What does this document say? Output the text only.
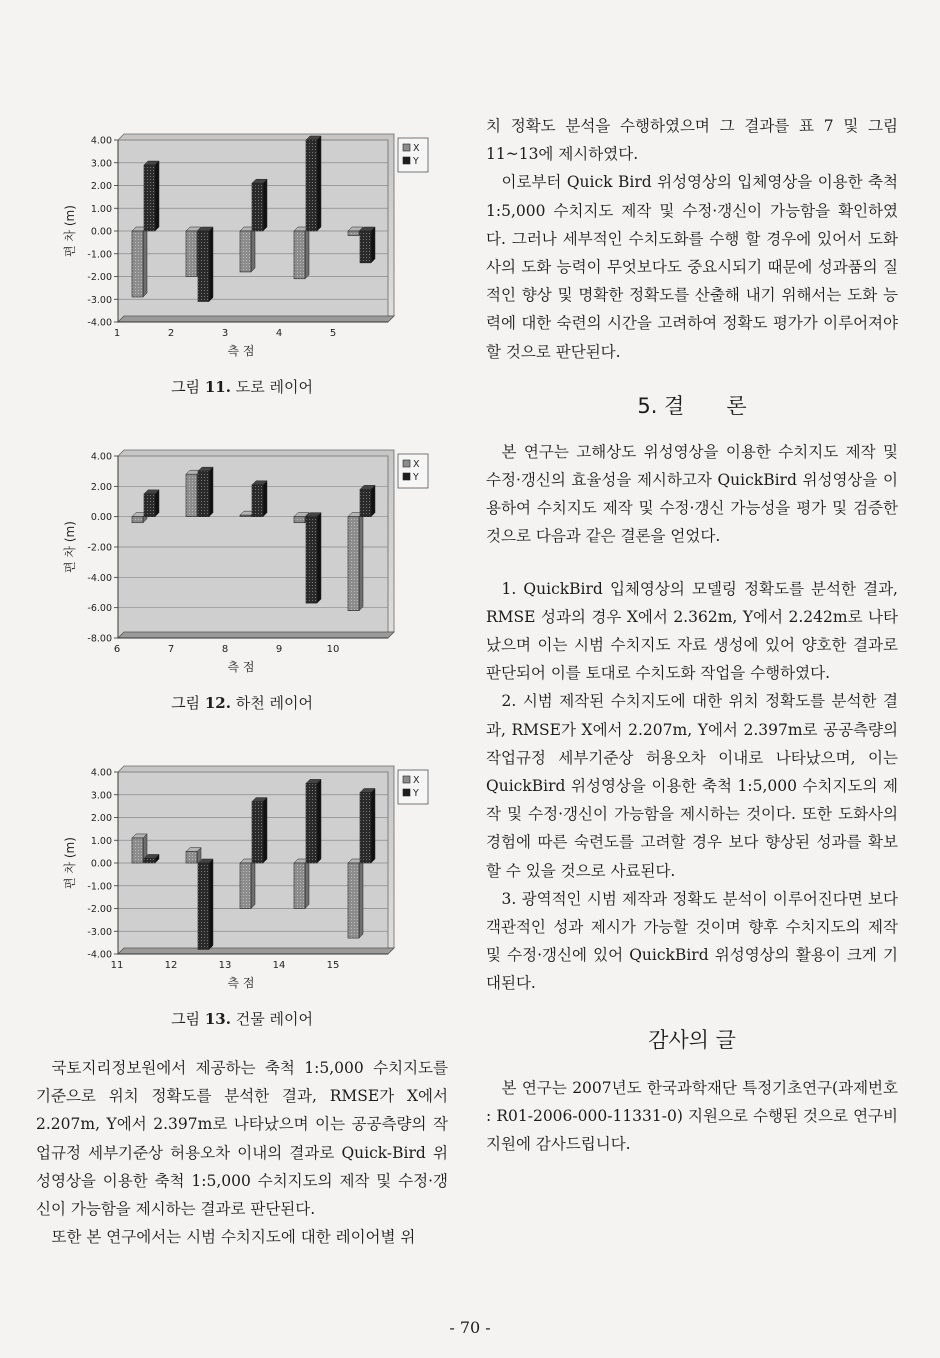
4.00
3.00
2.00
1.00
0.00
-1.00
-2.00
-3.00
-4.00
1	2	3	4	5
측 점
편 차 (m)
X
Y

그림 11. 도로 레이어

4.00
2.00
0.00
-2.00
-4.00
-6.00
-8.00
6	7	8	9	10
측 점
편 차 (m)
X
Y

그림 12. 하천 레이어

4.00
3.00
2.00
1.00
0.00
-1.00
-2.00
-3.00
-4.00
11	12	13	14	15
측 점
편 차 (m)
X
Y

그림 13. 건물 레이어

국토지리정보원에서 제공하는 축척 1:5,000 수치지도를 기준으로 위치 정확도를 분석한 결과, RMSE가 X에서 2.207m, Y에서 2.397m로 나타났으며 이는 공공측량의 작업규정 세부기준상 허용오차 이내의 결과로 Quick-Bird 위성영상을 이용한 축척 1:5,000 수치지도의 제작 및 수정·갱신이 가능함을 제시하는 결과로 판단된다.

또한 본 연구에서는 시범 수치지도에 대한 레이어별 위

치 정확도 분석을 수행하였으며 그 결과를 표 7 및 그림 11~13에 제시하였다.

이로부터 Quick Bird 위성영상의 입체영상을 이용한 축척 1:5,000 수치지도 제작 및 수정·갱신이 가능함을 확인하였다. 그러나 세부적인 수치도화를 수행 할 경우에 있어서 도화사의 도화 능력이 무엇보다도 중요시되기 때문에 성과품의 질적인 향상 및 명확한 정확도를 산출해 내기 위해서는 도화 능력에 대한 숙련의 시간을 고려하여 정확도 평가가 이루어져야 할 것으로 판단된다.

5. 결　　론

본 연구는 고해상도 위성영상을 이용한 수치지도 제작 및 수정·갱신의 효율성을 제시하고자 QuickBird 위성영상을 이용하여 수치지도 제작 및 수정·갱신 가능성을 평가 및 검증한 것으로 다음과 같은 결론을 얻었다.

1. QuickBird 입체영상의 모델링 정확도를 분석한 결과, RMSE 성과의 경우 X에서 2.362m, Y에서 2.242m로 나타났으며 이는 시범 수치지도 자료 생성에 있어 양호한 결과로 판단되어 이를 토대로 수치도화 작업을 수행하였다.

2. 시범 제작된 수치지도에 대한 위치 정확도를 분석한 결과, RMSE가 X에서 2.207m, Y에서 2.397m로 공공측량의 작업규정 세부기준상 허용오차 이내로 나타났으며, 이는 QuickBird 위성영상을 이용한 축척 1:5,000 수치지도의 제작 및 수정·갱신이 가능함을 제시하는 것이다. 또한 도화사의 경험에 따른 숙련도를 고려할 경우 보다 향상된 성과를 확보할 수 있을 것으로 사료된다.

3. 광역적인 시범 제작과 정확도 분석이 이루어진다면 보다 객관적인 성과 제시가 가능할 것이며 향후 수치지도의 제작 및 수정·갱신에 있어 QuickBird 위성영상의 활용이 크게 기대된다.

감사의 글

본 연구는 2007년도 한국과학재단 특정기초연구(과제번호 : R01-2006-000-11331-0) 지원으로 수행된 것으로 연구비 지원에 감사드립니다.

- 70 -
